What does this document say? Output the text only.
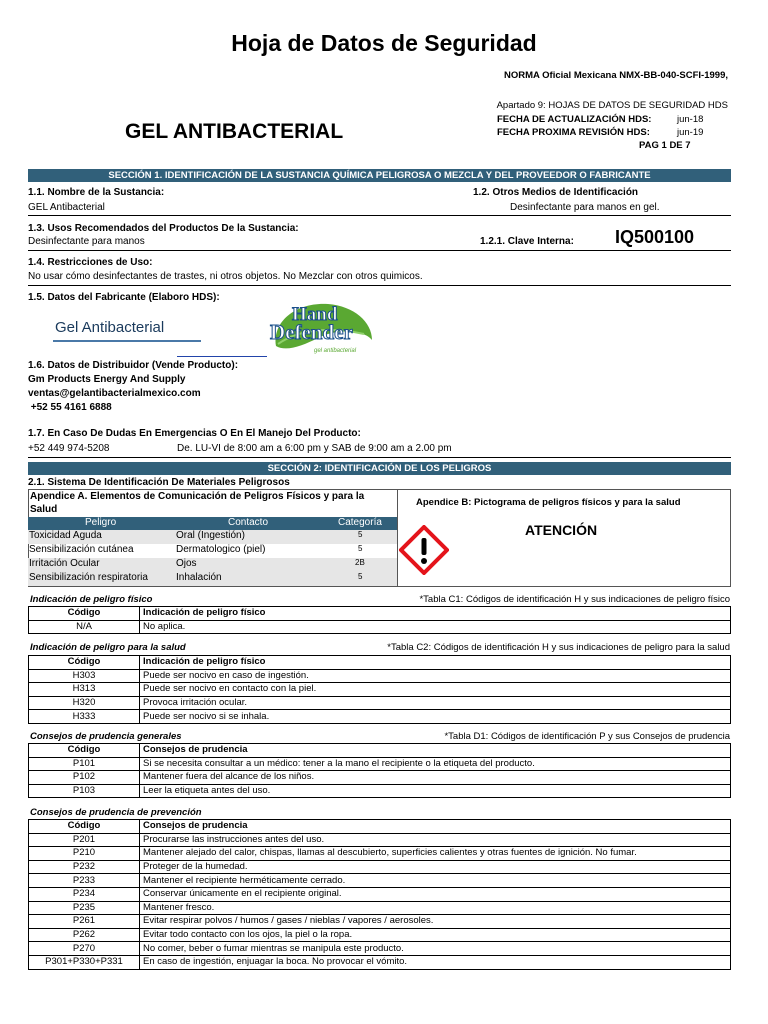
Hoja de Datos de Seguridad
NORMA Oficial Mexicana NMX-BB-040-SCFI-1999,
Apartado 9: HOJAS DE DATOS DE SEGURIDAD HDS
FECHA DE ACTUALIZACIÓN HDS:	jun-18
FECHA PROXIMA REVISIÓN HDS:	jun-19
GEL ANTIBACTERIAL
PAG 1 DE 7
SECCIÓN 1. IDENTIFICACIÓN DE LA SUSTANCIA QUÍMICA PELIGROSA O MEZCLA Y DEL PROVEEDOR O FABRICANTE
1.1. Nombre de la Sustancia:
GEL Antibacterial
1.2. Otros Medios de Identificación
Desinfectante para manos en gel.
1.3. Usos Recomendados del Productos De la Sustancia:
Desinfectante para manos	1.2.1. Clave Interna: IQ500100
1.4. Restricciones de Uso:
No usar cómo desinfectantes de trastes, ni otros objetos. No Mezclar con otros quimicos.
1.5. Datos del Fabricante (Elaboro HDS):
Gel Antibacterial
Hand
Defender
gel antibacterial
1.6. Datos de Distribuidor (Vende Producto):
Gm Products Energy And Supply
ventas@gelantibacterialmexico.com
+52 55 4161 6888
1.7. En Caso De Dudas En Emergencias O En El Manejo Del Producto:
+52 449 974-5208	De. LU-VI de 8:00 am a 6:00 pm y SAB de 9:00 am a 2.00 pm
SECCIÓN 2: IDENTIFICACIÓN DE LOS PELIGROS
2.1. Sistema De Identificación De Materiales Peligrosos
Apendice A. Elementos de Comunicación de Peligros Físicos y para la Salud
Apendice B: Pictograma de peligros físicos y para la salud
ATENCIÓN
Peligro	Contacto	Categoría
Toxicidad Aguda	Oral (Ingestión)	5
Sensibilización cutánea	Dermatologico (piel)	5
Irritación Ocular	Ojos	2B
Sensibilización respiratoria	Inhalación	5
Indicación de peligro físico	*Tabla C1: Códigos de identificación H y sus indicaciones de peligro físico
Código	Indicación de peligro físico
N/A	No aplica.
Indicación de peligro para la salud	*Tabla C2: Códigos de identificación H y sus indicaciones de peligro para la salud
Código	Indicación de peligro físico
H303	Puede ser nocivo en caso de ingestión.
H313	Puede ser nocivo en contacto con la piel.
H320	Provoca irritación ocular.
H333	Puede ser nocivo si se inhala.
Consejos de prudencia generales	*Tabla D1: Códigos de identificación P y sus Consejos de prudencia
Código	Consejos de prudencia
P101	Si se necesita consultar a un médico: tener a la mano el recipiente o la etiqueta del producto.
P102	Mantener fuera del alcance de los niños.
P103	Leer la etiqueta antes del uso.
Consejos de prudencia de prevención
Código	Consejos de prudencia
P201	Procurarse las instrucciones antes del uso.
P210	Mantener alejado del calor, chispas, llamas al descubierto, superficies calientes y otras fuentes de ignición. No fumar.
P232	Proteger de la humedad.
P233	Mantener el recipiente herméticamente cerrado.
P234	Conservar únicamente en el recipiente original.
P235	Mantener fresco.
P261	Evitar respirar polvos / humos / gases / nieblas / vapores / aerosoles.
P262	Evitar todo contacto con los ojos, la piel o la ropa.
P270	No comer, beber o fumar mientras se manipula este producto.
P301+P330+P331	En caso de ingestión, enjuagar la boca. No provocar el vómito.
